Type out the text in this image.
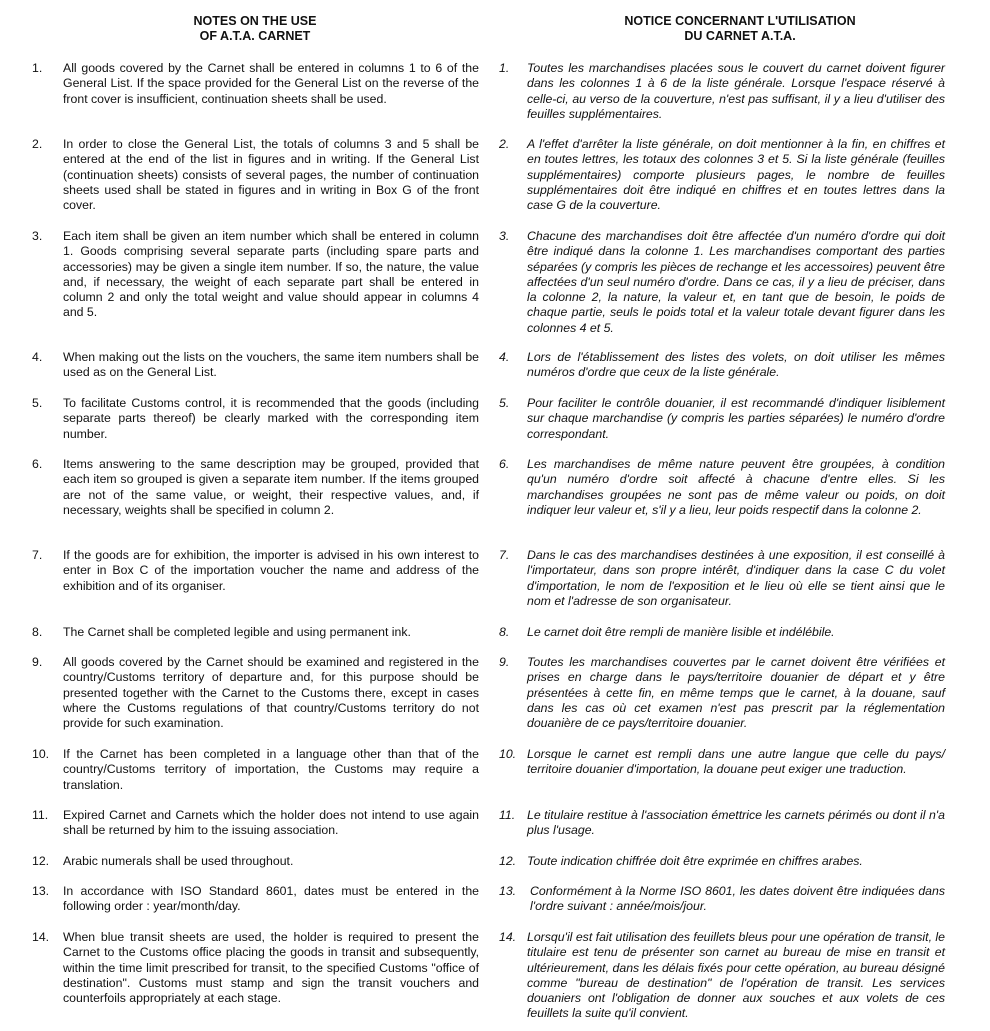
NOTES ON THE USE
OF A.T.A. CARNET
NOTICE CONCERNANT L'UTILISATION
DU CARNET A.T.A.
1.	All goods covered by the Carnet shall be entered in columns 1 to 6 of the General List. If the space provided for the General List on the reverse of the front cover is insufficient, continuation sheets shall be used.
1.	Toutes les marchandises placées sous le couvert du carnet doivent figurer dans les colonnes 1 à 6 de la liste générale. Lorsque l'espace réservé à celle-ci, au verso de la couverture, n'est pas suffisant, il y a lieu d'utiliser des feuilles supplémentaires.
2.	In order to close the General List, the totals of columns 3 and 5 shall be entered at the end of the list in figures and in writing. If the General List (continuation sheets) consists of several pages, the number of continuation sheets used shall be stated in figures and in writing in Box G of the front cover.
2.	A l'effet d'arrêter la liste générale, on doit mentionner à la fin, en chiffres et en toutes lettres, les totaux des colonnes 3 et 5. Si la liste générale (feuilles supplémentaires) comporte plusieurs pages, le nombre de feuilles supplémentaires doit être indiqué en chiffres et en toutes lettres dans la case G de la couverture.
3.	Each item shall be given an item number which shall be entered in column 1. Goods comprising several separate parts (including spare parts and accessories) may be given a single item number. If so, the nature, the value and, if necessary, the weight of each separate part shall be entered in column 2 and only the total weight and value should appear in columns 4 and 5.
3.	Chacune des marchandises doit être affectée d'un numéro d'ordre qui doit être indiqué dans la colonne 1. Les marchandises comportant des parties séparées (y compris les pièces de rechange et les accessoires) peuvent être affectées d'un seul numéro d'ordre. Dans ce cas, il y a lieu de préciser, dans la colonne 2, la nature, la valeur et, en tant que de besoin, le poids de chaque partie, seuls le poids total et la valeur totale devant figurer dans les colonnes 4 et 5.
4.	When making out the lists on the vouchers, the same item numbers shall be used as on the General List.
4.	Lors de l'établissement des listes des volets, on doit utiliser les mêmes numéros d'ordre que ceux de la liste générale.
5.	To facilitate Customs control, it is recommended that the goods (including separate parts thereof) be clearly marked with the corresponding item number.
5.	Pour faciliter le contrôle douanier, il est recommandé d'indiquer lisiblement sur chaque marchandise (y compris les parties séparées) le numéro d'ordre correspondant.
6.	Items answering to the same description may be grouped, provided that each item so grouped is given a separate item number. If the items grouped are not of the same value, or weight, their respective values, and, if necessary, weights shall be specified in column 2.
6.	Les marchandises de même nature peuvent être groupées, à condition qu'un numéro d'ordre soit affecté à chacune d'entre elles. Si les marchandises groupées ne sont pas de même valeur ou poids, on doit indiquer leur valeur et, s'il y a lieu, leur poids respectif dans la colonne 2.
7.	If the goods are for exhibition, the importer is advised in his own interest to enter in Box C of the importation voucher the name and address of the exhibition and of its organiser.
7.	Dans le cas des marchandises destinées à une exposition, il est conseillé à l'importateur, dans son propre intérêt, d'indiquer dans la case C du volet d'importation, le nom de l'exposition et le lieu où elle se tient ainsi que le nom et l'adresse de son organisateur.
8.	The Carnet shall be completed legible and using permanent ink.	8.	Le carnet doit être rempli de manière lisible et indélébile.
9.	All goods covered by the Carnet should be examined and registered in the country/Customs territory of departure and, for this purpose should be presented together with the Carnet to the Customs there, except in cases where the Customs regulations of that country/Customs territory do not provide for such examination.
9.	Toutes les marchandises couvertes par le carnet doivent être vérifiées et prises en charge dans le pays/territoire douanier de départ et y être présentées à cette fin, en même temps que le carnet, à la douane, sauf dans les cas où cet examen n'est pas prescrit par la réglementation douanière de ce pays/territoire douanier.
10.	If the Carnet has been completed in a language other than that of the country/Customs territory of importation, the Customs may require a translation.
10. Lorsque le carnet est rempli dans une autre langue que celle du pays/ territoire douanier d'importation, la douane peut exiger une traduction.
11.	Expired Carnet and Carnets which the holder does not intend to use again shall be returned by him to the issuing association.
11. Le titulaire restitue à l'association émettrice les carnets périmés ou dont il n'a plus l'usage.
12.	Arabic numerals shall be used throughout.	12. Toute indication chiffrée doit être exprimée en chiffres arabes.
13.	In accordance with ISO Standard 8601, dates must be entered in the following order : year/month/day.
13.	Conformément à la Norme ISO 8601, les dates doivent être indiquées dans l'ordre suivant : année/mois/jour.
14.	When blue transit sheets are used, the holder is required to present the Carnet to the Customs office placing the goods in transit and subsequently, within the time limit prescribed for transit, to the specified Customs "office of destination". Customs must stamp and sign the transit vouchers and counterfoils appropriately at each stage.
14. Lorsqu'il est fait utilisation des feuillets bleus pour une opération de transit, le titulaire est tenu de présenter son carnet au bureau de mise en transit et ultérieurement, dans les délais fixés pour cette opération, au bureau désigné comme "bureau de destination" de l'opération de transit. Les services douaniers ont l'obligation de donner aux souches et aux volets de ces feuillets la suite qu'il convient.
